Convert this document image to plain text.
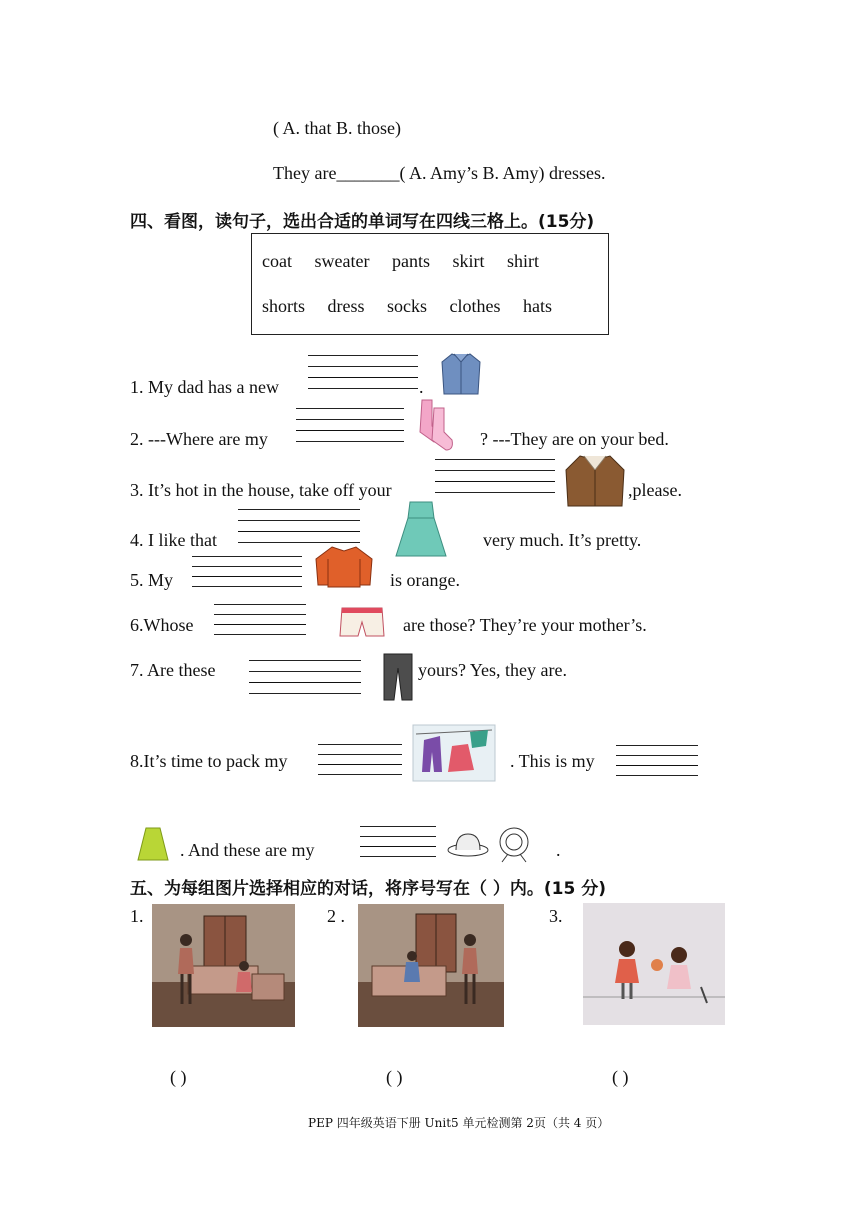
( A. that B. those)
They are_______( A. Amy’s B. Amy) dresses.
四、看图，读句子，选出合适的单词写在四线三格上。(15分)
coat sweater pants skirt shirt
shorts dress socks clothes hats
1. My dad has a new	.
2. ---Where are my	? ---They are on your bed.
3. It’s hot in the house, take off your	,please.
4. I like that	very much. It’s pretty.
5. My	is orange.
6.Whose	are those? They’re your mother’s.
7. Are these	yours? Yes, they are.
8.It’s time to pack my	. This is my
. And these are my	.
五、为每组图片选择相应的对话，将序号写在（ ）内。(15 分)
1.	2 .	3.
( )	( )	( )
PEP 四年级英语下册 Unit5 单元检测第 2页（共 4 页）
